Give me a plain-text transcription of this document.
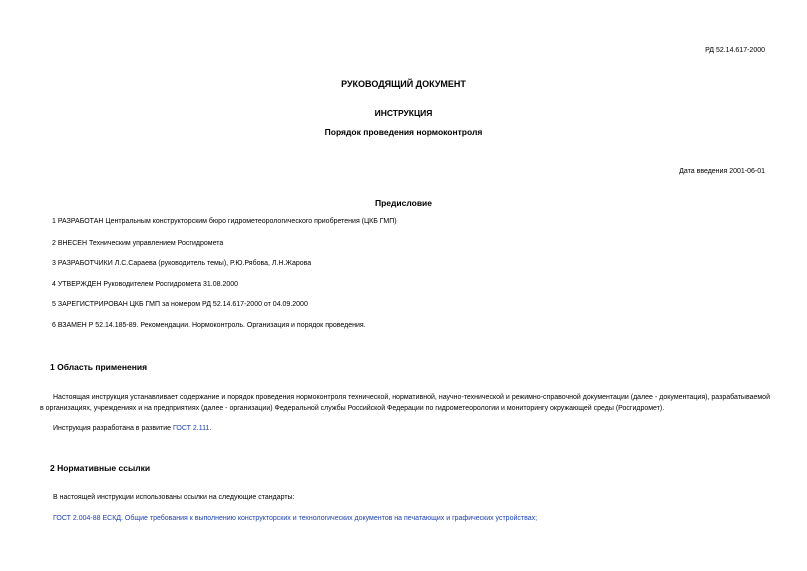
РД 52.14.617-2000
РУКОВОДЯЩИЙ ДОКУМЕНТ
ИНСТРУКЦИЯ
Порядок проведения нормоконтроля
Дата введения 2001-06-01
Предисловие
1 РАЗРАБОТАН Центральным конструкторским бюро гидрометеорологического приобретения (ЦКБ ГМП)
2 ВНЕСЕН Техническим управлением Росгидромета
3 РАЗРАБОТЧИКИ Л.С.Сараева (руководитель темы), Р.Ю.Рябова, Л.Н.Жарова
4 УТВЕРЖДЕН Руководителем Росгидромета 31.08.2000
5 ЗАРЕГИСТРИРОВАН ЦКБ ГМП за номером РД 52.14.617-2000 от 04.09.2000
6 ВЗАМЕН Р 52.14.185-89. Рекомендации. Нормоконтроль. Организация и порядок проведения.
1 Область применения
Настоящая инструкция устанавливает содержание и порядок проведения нормоконтроля технической, нормативной, научно-технической и режимно-справочной документации (далее - документация), разрабатываемой в организациях, учреждениях и на предприятиях (далее - организации) Федеральной службы Российской Федерации по гидрометеорологии и мониторингу окружающей среды (Росгидромет).
Инструкция разработана в развитие ГОСТ 2.111.
2 Нормативные ссылки
В настоящей инструкции использованы ссылки на следующие стандарты:
ГОСТ 2.004-88 ЕСКД. Общие требования к выполнению конструкторских и технологических документов на печатающих и графических устройствах;
